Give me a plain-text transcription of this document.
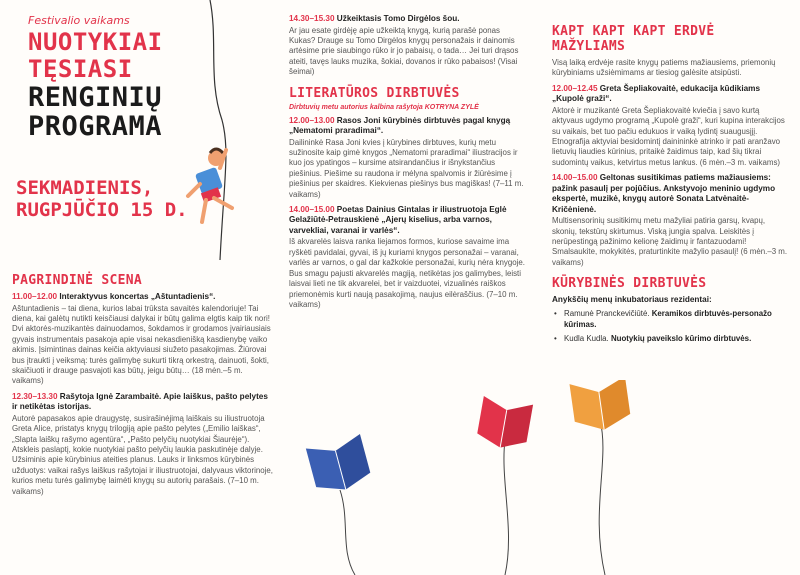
Festivalio vaikams
NUOTYKIAI
TĘSIASI
RENGINIŲ
PROGRAMA
SEKMADIENIS,
RUGPJŪČIO 15 D.
PAGRINDINĖ SCENA

11.00–12.00 Interaktyvus koncertas „Aštuntadienis“.

Aštuntadienis – tai diena, kurios labai trūksta savaitės kalendoriuje! Tai diena, kai galėtų nutikti keisčiausi dalykai ir būtų galima elgtis kaip tik nori! Dvi aktorės-muzikantės dainuodamos, šokdamos ir grodamos įvairiausiais gyvais instrumentais pasakoja apie visai nekasdienišką kasdienybę vaiko akimis. Įsimintinas dainas keičia aktyviausi siužeto pasakojimas. Žiūrovai bus įtraukti į veiksmą: turės galimybę sukurti tikrą orkestrą, dainuoti, šokti, skaičiuoti ir drauge pasvajoti kas būtų, jeigu būtų… (18 mėn.–5 m. vaikams)

12.30–13.30 Rašytoja Ignė Zarambaitė. Apie laiškus, pašto pelytes ir netikėtas istorijas.

Autorė papasakos apie draugystę, susirašinėjimą laiškais su iliustruotoja Greta Alice, pristatys knygų trilogiją apie pašto pelytes („Emilio laiškas“, „Slapta laiškų rašymo agentūra“, „Pašto pelyčių nuotykiai Šiaurėje“). Atskleis paslaptį, kokie nuotykiai pašto pelyčių laukia paskutinėje dalyje. Užsiminis apie kūrybinius ateities planus. Lauks ir linksmos kūrybinės užduotys: vaikai rašys laiškus rašytojai ir iliustruotojai, dalyvaus viktorinoje, kurios metu turės galimybę laimėti knygų su autorių parašais. (7–10 m. vaikams)

14.30–15.30 Užkeiktasis Tomo Dirgėlos šou.

Ar jau esate girdėję apie užkeiktą knygą, kurią parašė ponas Kukas? Drauge su Tomo Dirgėlos knygų personažais ir dainomis artėsime prie siaubingo rūko ir jo pabaisų, o tada… Jei turi drąsos ateiti, tavęs lauks muzika, šokiai, dovanos ir rūko pabaisos! (Visai šeimai)

LITERATŪROS DIRBTUVĖS

Dirbtuvių metu autorius kalbina rašytoja KOTRYNA ZYLĖ

12.00–13.00 Rasos Joni kūrybinės dirbtuvės pagal knygą „Nematomi praradimai“.

Dailininkė Rasa Joni kvies į kūrybines dirbtuves, kurių metu sužinosite kaip gimė knygos „Nematomi praradimai“ iliustracijos ir kuo jos ypatingos – kursime atsirandančius ir išnykstančius piešinius. Piešime su raudona ir mėlyna spalvomis ir žiūrėsime į piešinius per skaidres. Kiekvienas piešinys bus magiškas! (7–11 m. vaikams)

14.00–15.00 Poetas Dainius Gintalas ir iliustruotoja Eglė Gelažiūtė-Petrauskienė „Ajerų kiselius, arba varnos, varvekliai, varanai ir varlės“.

Iš akvarelės laisva ranka liejamos formos, kuriose savaime ima ryškėti pavidalai, gyvai, iš jų kuriami knygos personažai – varanai, varlės ar varnos, o gal dar kažkokie personažai, kurių nėra knygoje. Bus smagu pajusti akvarelės magiją, netikėtas jos galimybes, leisti laisvai lieti ne tik akvarelei, bet ir vaizduotei, vizualinės raiškos priemonėmis kurti naują pasakojimą, naujus eilėraščius. (7–10 m. vaikams)

KAPT KAPT KAPT ERDVĖ MAŽYLIAMS

Visą laiką erdvėje rasite knygų patiems mažiausiems, priemonių kūrybiniams užsiėmimams ar tiesiog galėsite atsipūsti.

12.00–12.45 Greta Šepliakovaitė, edukacija kūdikiams „Kupolė graži“.

Aktorė ir muzikantė Greta Šepliakovaitė kviečia į savo kurtą aktyvaus ugdymo programą „Kupolė graži“, kuri kupina interakcijos su vaikais, bet tuo pačiu edukuos ir vaiką lydintį suaugusįjį. Etnografija aktyviai besidomintį dainininkė atrinko ir pati aranžavo lietuvių liaudies kūrinius, pritaikė žaidimus taip, kad šių tikrai sudomintų vaikus, ketvirtus metus lankus. (6 mėn.–3 m. vaikams)

14.00–15.00 Geltonas susitikimas patiems mažiausiems: pažink pasaulį per pojūčius. Ankstyvojo meninio ugdymo ekspertė, muzikė, knygų autorė Sonata Latvėnaitė-Kričėnienė.

Multisensorinių susitikimų metu mažyliai patiria garsų, kvapų, skonių, tekstūrų skirtumus. Viską jungia spalva. Leiskitės į nerūpestingą pažinimo kelionę žaidimų ir fantazuodami! Smalsaukite, mokykitės, praturtinkite mažylio pasaulį! (6 mėn.–3 m. vaikams)

KŪRYBINĖS DIRBTUVĖS

Anykščių menų inkubatoriaus rezidentai:

• Ramunė Pranckevičiūtė. Keramikos dirbtuvės-personažo kūrimas.
• Kudla Kudla. Nuotykių paveikslo kūrimo dirbtuvės.
